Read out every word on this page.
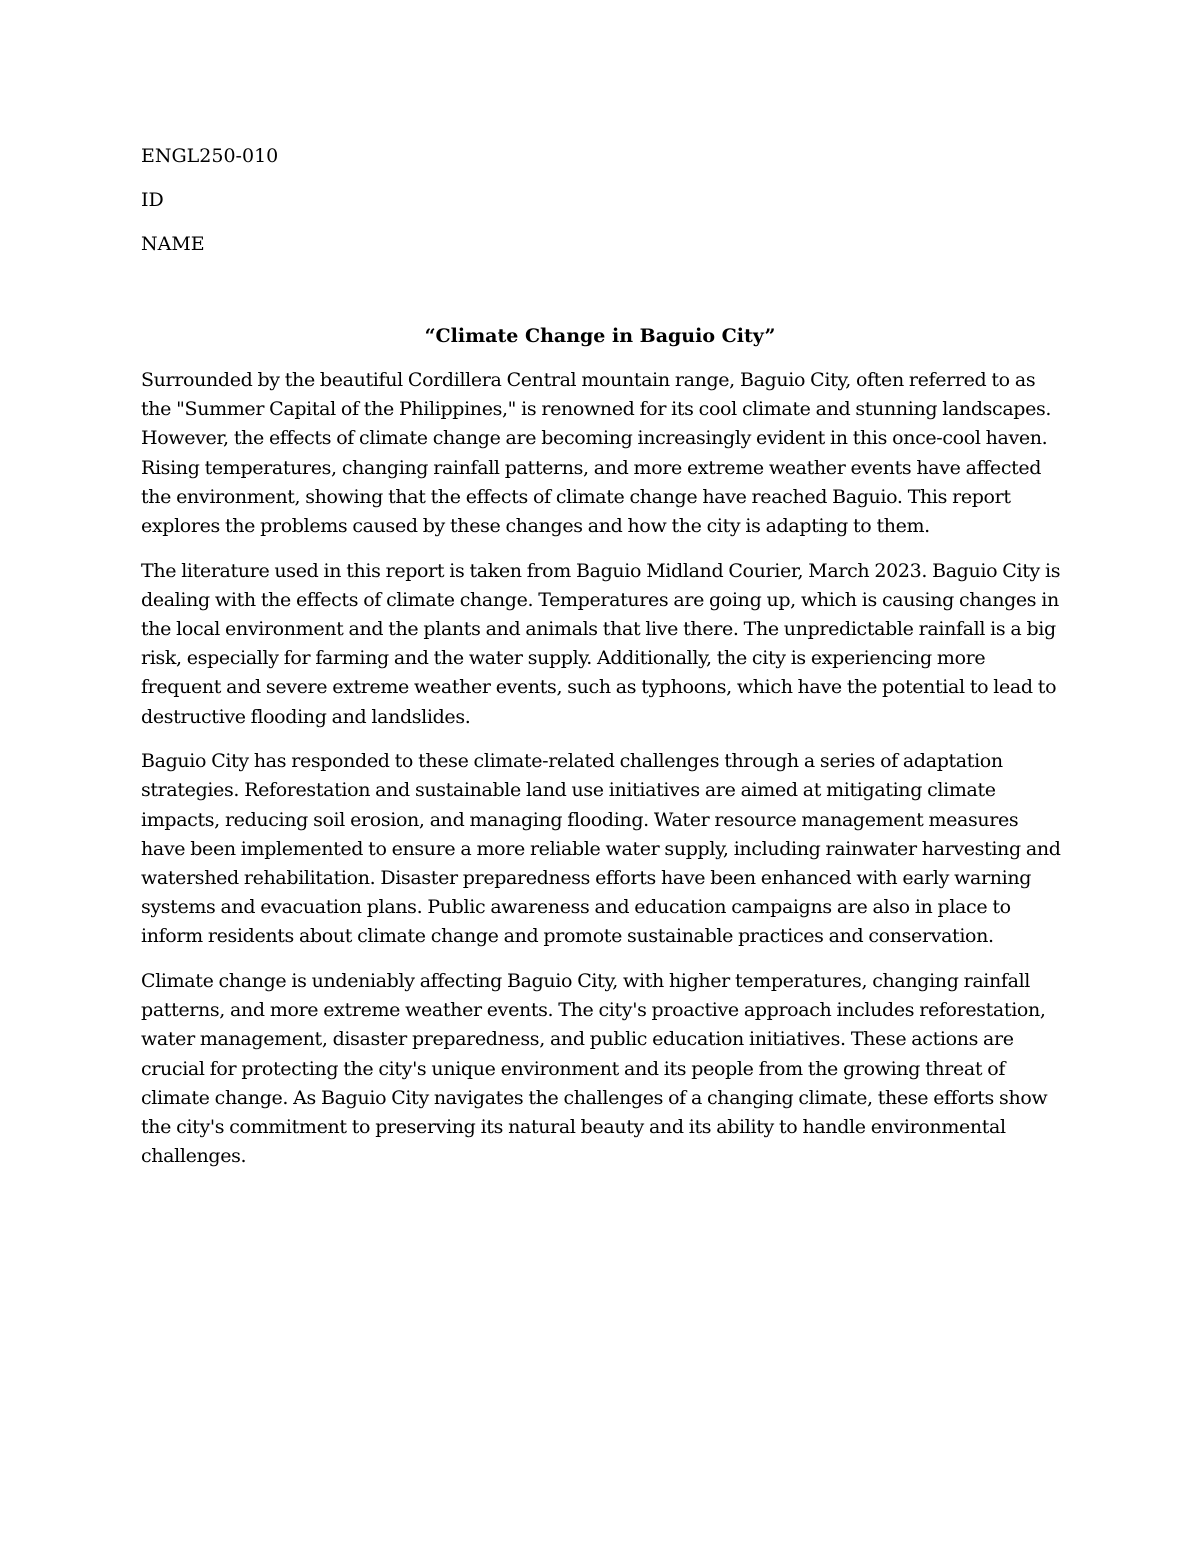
ENGL250-010
ID
NAME
“Climate Change in Baguio City”

Surrounded by the beautiful Cordillera Central mountain range, Baguio City, often referred to as the "Summer Capital of the Philippines," is renowned for its cool climate and stunning landscapes. However, the effects of climate change are becoming increasingly evident in this once-cool haven. Rising temperatures, changing rainfall patterns, and more extreme weather events have affected the environment, showing that the effects of climate change have reached Baguio. This report explores the problems caused by these changes and how the city is adapting to them.

The literature used in this report is taken from Baguio Midland Courier, March 2023. Baguio City is dealing with the effects of climate change. Temperatures are going up, which is causing changes in the local environment and the plants and animals that live there. The unpredictable rainfall is a big risk, especially for farming and the water supply. Additionally, the city is experiencing more frequent and severe extreme weather events, such as typhoons, which have the potential to lead to destructive flooding and landslides.

Baguio City has responded to these climate-related challenges through a series of adaptation strategies. Reforestation and sustainable land use initiatives are aimed at mitigating climate impacts, reducing soil erosion, and managing flooding. Water resource management measures have been implemented to ensure a more reliable water supply, including rainwater harvesting and watershed rehabilitation. Disaster preparedness efforts have been enhanced with early warning systems and evacuation plans. Public awareness and education campaigns are also in place to inform residents about climate change and promote sustainable practices and conservation.

Climate change is undeniably affecting Baguio City, with higher temperatures, changing rainfall patterns, and more extreme weather events. The city's proactive approach includes reforestation, water management, disaster preparedness, and public education initiatives. These actions are crucial for protecting the city's unique environment and its people from the growing threat of climate change. As Baguio City navigates the challenges of a changing climate, these efforts show the city's commitment to preserving its natural beauty and its ability to handle environmental challenges.
